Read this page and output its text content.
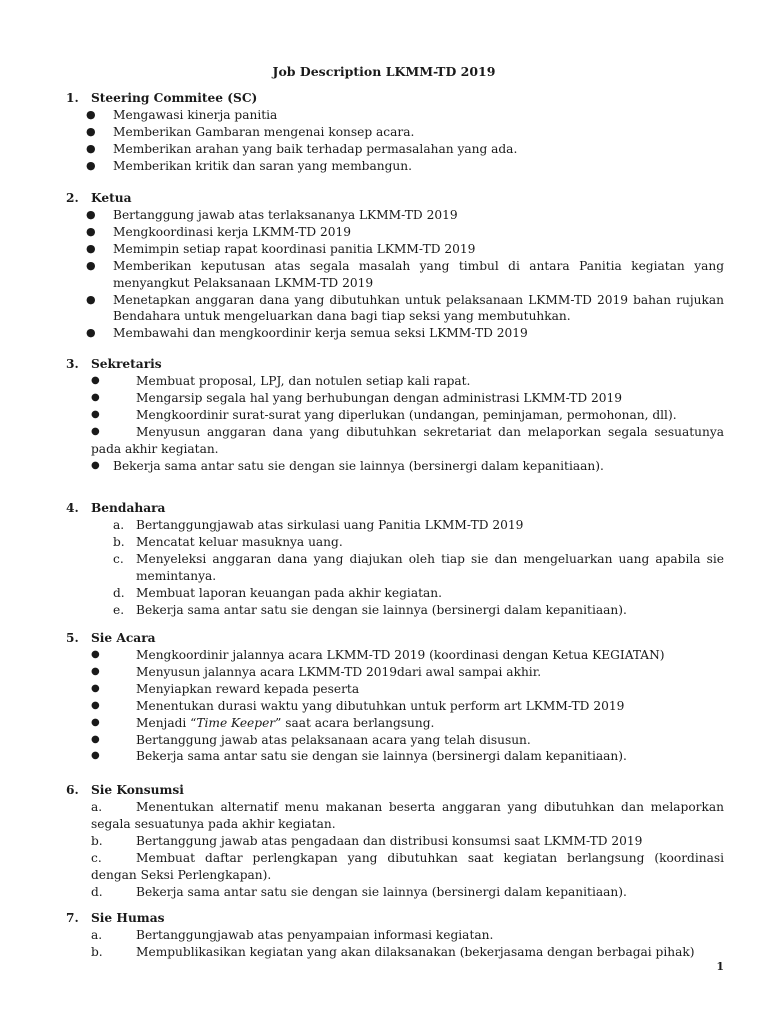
Job Description LKMM-TD 2019
1. Steering Commitee (SC)
● Mengawasi kinerja panitia
● Memberikan Gambaran mengenai konsep acara.
● Memberikan arahan yang baik terhadap permasalahan yang ada.
● Memberikan kritik dan saran yang membangun.
2. Ketua
● Bertanggung jawab atas terlaksananya LKMM-TD 2019
● Mengkoordinasi kerja LKMM-TD 2019
● Memimpin setiap rapat koordinasi panitia LKMM-TD 2019
● Memberikan keputusan atas segala masalah yang timbul di antara Panitia kegiatan yang menyangkut Pelaksanaan LKMM-TD 2019
● Menetapkan anggaran dana yang dibutuhkan untuk pelaksanaan LKMM-TD 2019 bahan rujukan Bendahara untuk mengeluarkan dana bagi tiap seksi yang membutuhkan.
● Membawahi dan mengkoordinir kerja semua seksi LKMM-TD 2019
3. Sekretaris
●	Membuat proposal, LPJ, dan notulen setiap kali rapat.
●	Mengarsip segala hal yang berhubungan dengan administrasi LKMM-TD 2019
●	Mengkoordinir surat-surat yang diperlukan (undangan, peminjaman, permohonan, dll).
●	Menyusun anggaran dana yang dibutuhkan sekretariat dan melaporkan segala sesuatunya pada akhir kegiatan.
● Bekerja sama antar satu sie dengan sie lainnya (bersinergi dalam kepanitiaan).
4. Bendahara
a. Bertanggungjawab atas sirkulasi uang Panitia LKMM-TD 2019
b. Mencatat keluar masuknya uang.
c. Menyeleksi anggaran dana yang diajukan oleh tiap sie dan mengeluarkan uang apabila sie memintanya.
d. Membuat laporan keuangan pada akhir kegiatan.
e. Bekerja sama antar satu sie dengan sie lainnya (bersinergi dalam kepanitiaan).
5. Sie Acara
●	Mengkoordinir jalannya acara LKMM-TD 2019 (koordinasi dengan Ketua KEGIATAN)
●	Menyusun jalannya acara LKMM-TD 2019dari awal sampai akhir.
●	Menyiapkan reward kepada peserta
●	Menentukan durasi waktu yang dibutuhkan untuk perform art LKMM-TD 2019
●	Menjadi “Time Keeper” saat acara berlangsung.
●	Bertanggung jawab atas pelaksanaan acara yang telah disusun.
●	Bekerja sama antar satu sie dengan sie lainnya (bersinergi dalam kepanitiaan).
6. Sie Konsumsi
a.	Menentukan alternatif menu makanan beserta anggaran yang dibutuhkan dan melaporkan segala sesuatunya pada akhir kegiatan.
b.	Bertanggung jawab atas pengadaan dan distribusi konsumsi saat LKMM-TD 2019
c.	Membuat daftar perlengkapan yang dibutuhkan saat kegiatan berlangsung (koordinasi dengan Seksi Perlengkapan).
d.	Bekerja sama antar satu sie dengan sie lainnya (bersinergi dalam kepanitiaan).
7. Sie Humas
a.	Bertanggungjawab atas penyampaian informasi kegiatan.
b.	Mempublikasikan kegiatan yang akan dilaksanakan (bekerjasama dengan berbagai pihak)
1
